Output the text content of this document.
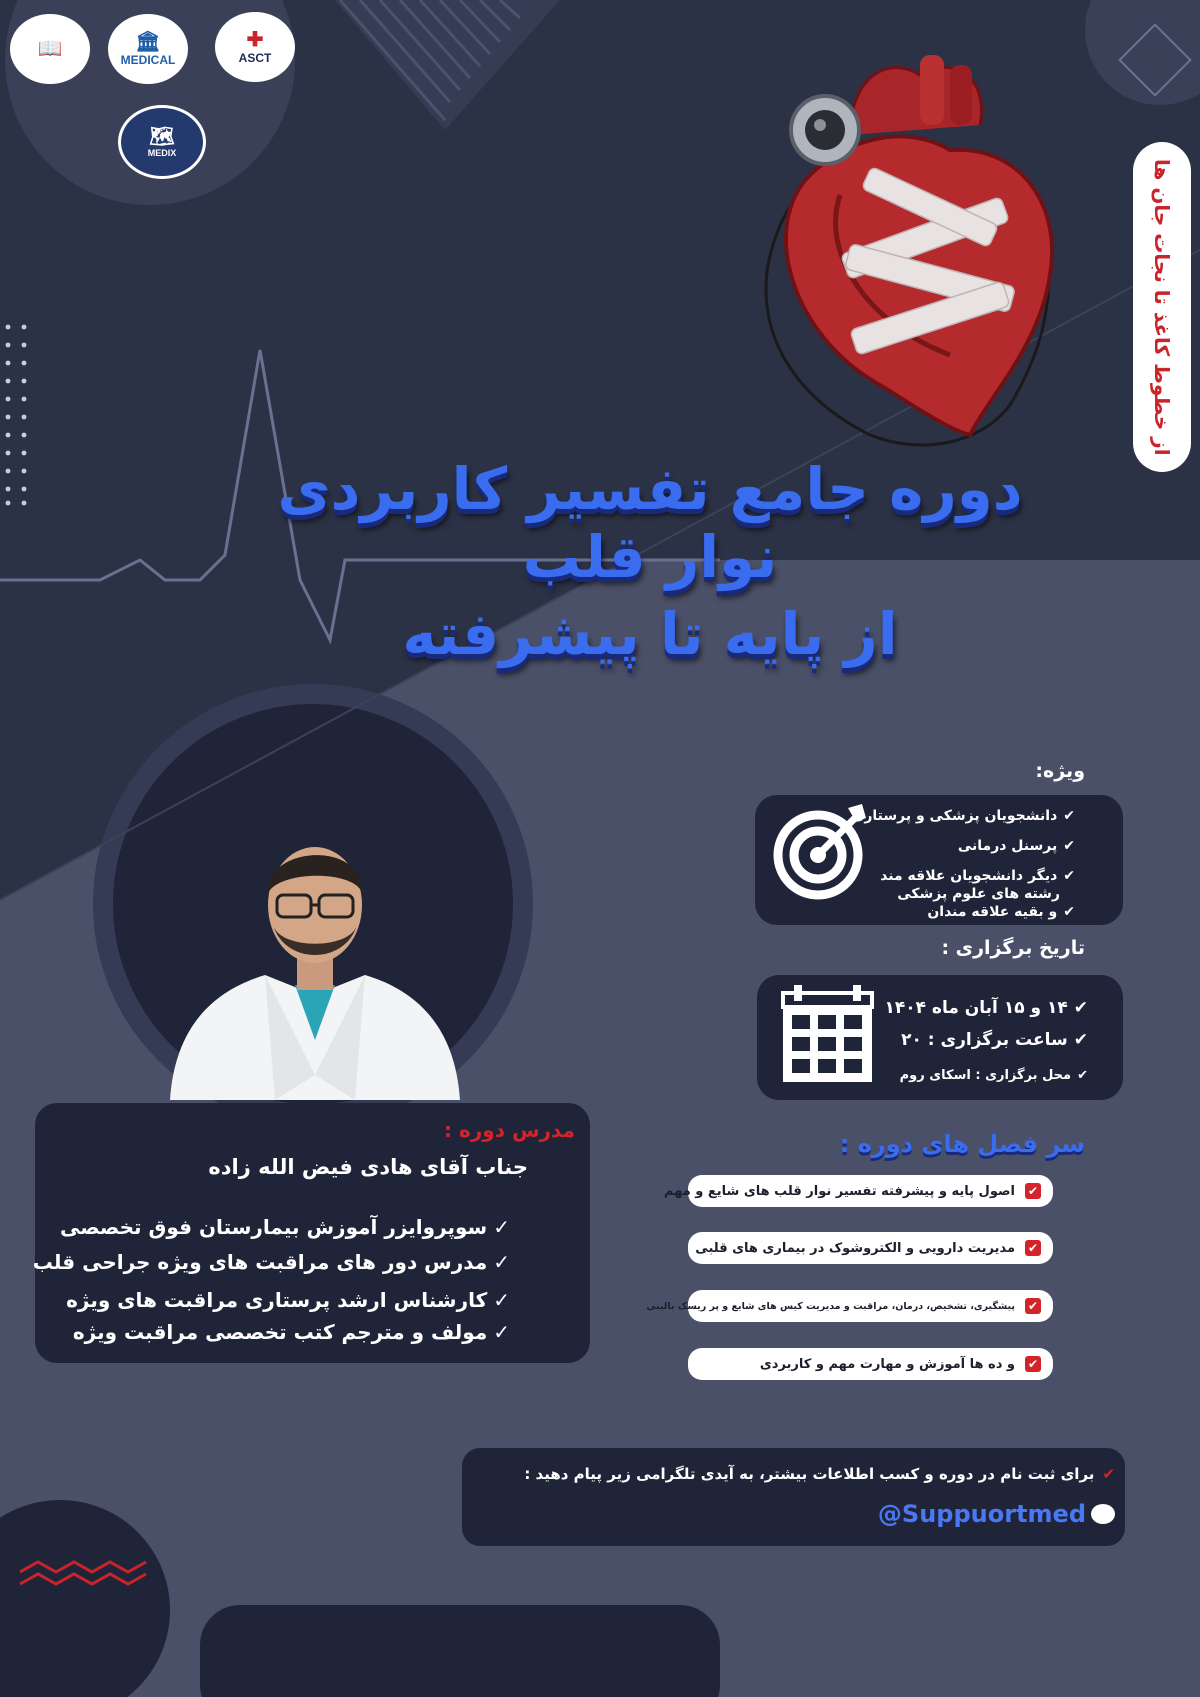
📖	🏛
MEDICAL
✚
ASCT
🗺
MEDIX
از خطوط کاغذ تا نجات جان ها
دوره جامع تفسیر کاربردی نوار قلب
از پایه تا پیشرفته
ویژه:
✔دانشجویان پزشکی و پرستاری
✔پرسنل درمانی
✔دیگر دانشجویان علاقه مند
رشته های علوم پزشکی
✔و بقیه علاقه مندان
تاریخ برگزاری :
✔۱۴ و ۱۵ آبان ماه ۱۴۰۴
✔ساعت برگزاری : ۲۰
✔محل برگزاری : اسکای روم
مدرس دوره :
جناب آقای هادی فیض الله زاده
✓سوپروایزر آموزش بیمارستان فوق تخصصی
✓مدرس دور های مراقبت های ویژه جراحی قلب
✓کارشناس ارشد پرستاری مراقبت های ویژه
✓مولف و مترجم کتب تخصصی مراقبت ویژه
سر فصل های دوره :
✔
اصول پایه و پیشرفته تفسیر نوار قلب های شایع و مهم
✔
مدیریت دارویی و الکتروشوک در بیماری های قلبی
✔
پیشگیری، تشخیص، درمان، مراقبت و مدیریت کیس های شایع و پر ریسک بالینی
✔
و ده ها آموزش و مهارت مهم و کاربردی
✔برای ثبت نام در دوره و کسب اطلاعات بیشتر، به آیدی تلگرامی زیر پیام دهید :
@Suppuortmed
